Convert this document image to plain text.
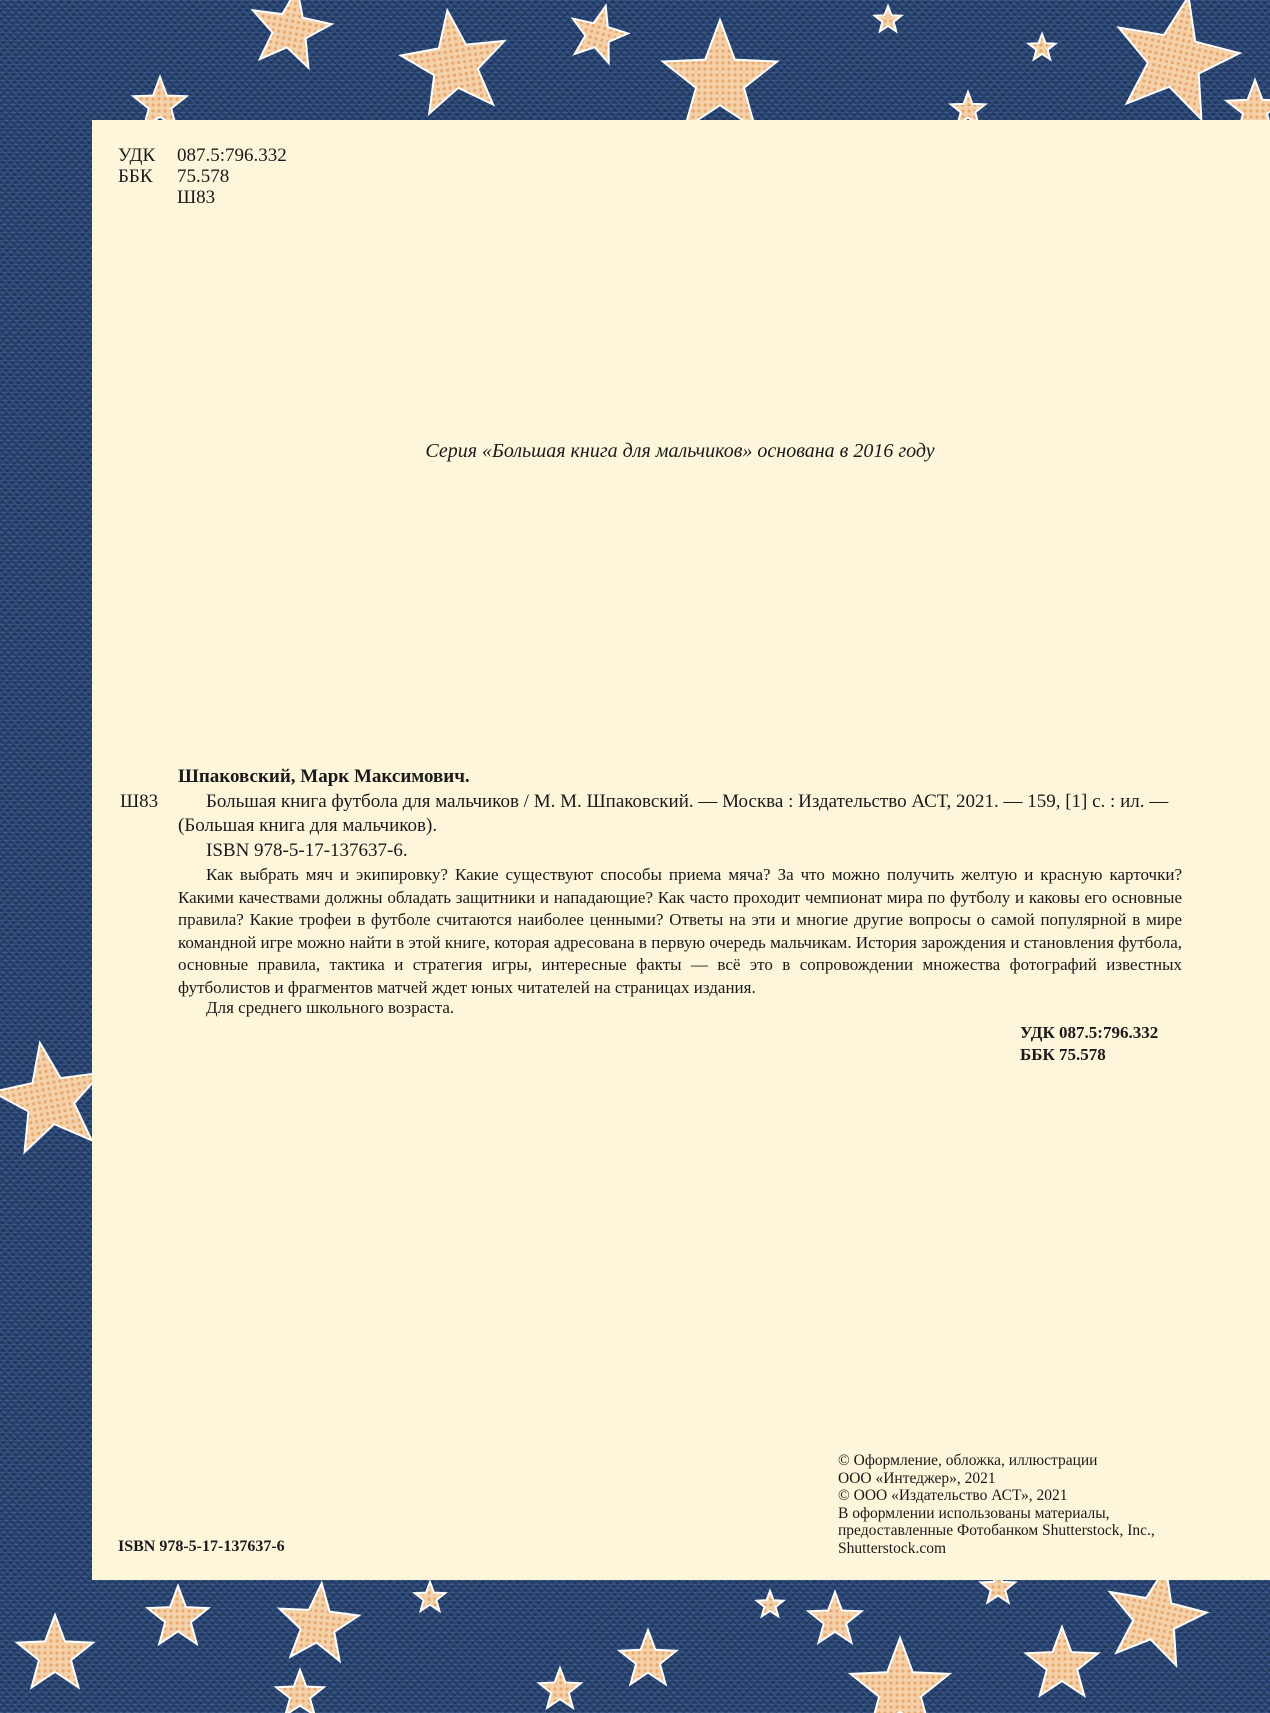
УДК	087.5:796.332
ББК	75.578
Ш83
Серия «Большая книга для мальчиков» основана в 2016 году
Шпаковский, Марк Максимович.
Ш83	Большая книга футбола для мальчиков / М. М. Шпаковский. — Москва : Издательство АСТ, 2021. — 159, [1] с. : ил. — (Большая книга для мальчиков).

ISBN 978-5-17-137637-6.

Как выбрать мяч и экипировку? Какие существуют способы приема мяча? За что можно получить желтую и красную карточки? Какими качествами должны обладать защитники и нападающие? Как часто проходит чемпионат мира по футболу и каковы его основные правила? Какие трофеи в футболе считаются наиболее ценными? Ответы на эти и многие другие вопросы о самой популярной в мире командной игре можно найти в этой книге, которая адресована в первую очередь мальчикам. История зарождения и становления футбола, основные правила, тактика и стратегия игры, интересные факты — всё это в сопровождении множества фотографий известных футболистов и фрагментов матчей ждет юных читателей на страницах издания.

Для среднего школьного возраста.
УДК 087.5:796.332
ББК 75.578
ISBN 978-5-17-137637-6
© Оформление, обложка, иллюстрации
ООО «Интеджер», 2021
© ООО «Издательство АСТ», 2021
В оформлении использованы материалы,
предоставленные Фотобанком Shutterstock, Inc.,
Shutterstock.com
